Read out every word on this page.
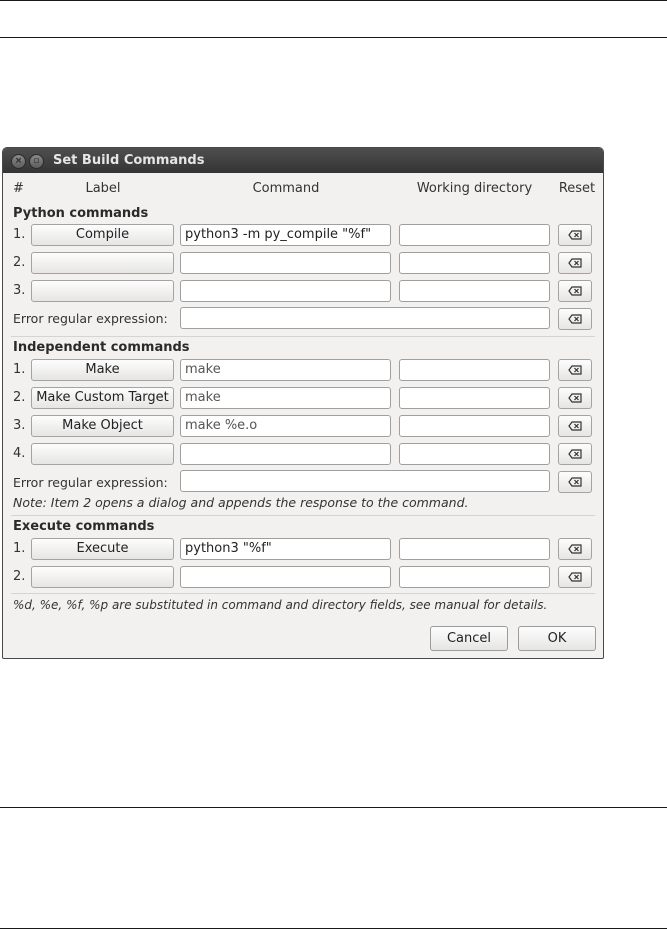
×	▫	Set Build Commands
#	Label	Command	Working directory	Reset
Python commands
1.	Compile	python3 -m py_compile "%f"
2.
3.
Error regular expression:
Independent commands
1.	Make	make
2. Make Custom Target	make
3.	Make Object	make %e.o
4.
Error regular expression:
Note: Item 2 opens a dialog and appends the response to the command.
Execute commands
1.	Execute	python3 "%f"
2.
%d, %e, %f, %p are substituted in command and directory fields, see manual for details.
Cancel	OK
